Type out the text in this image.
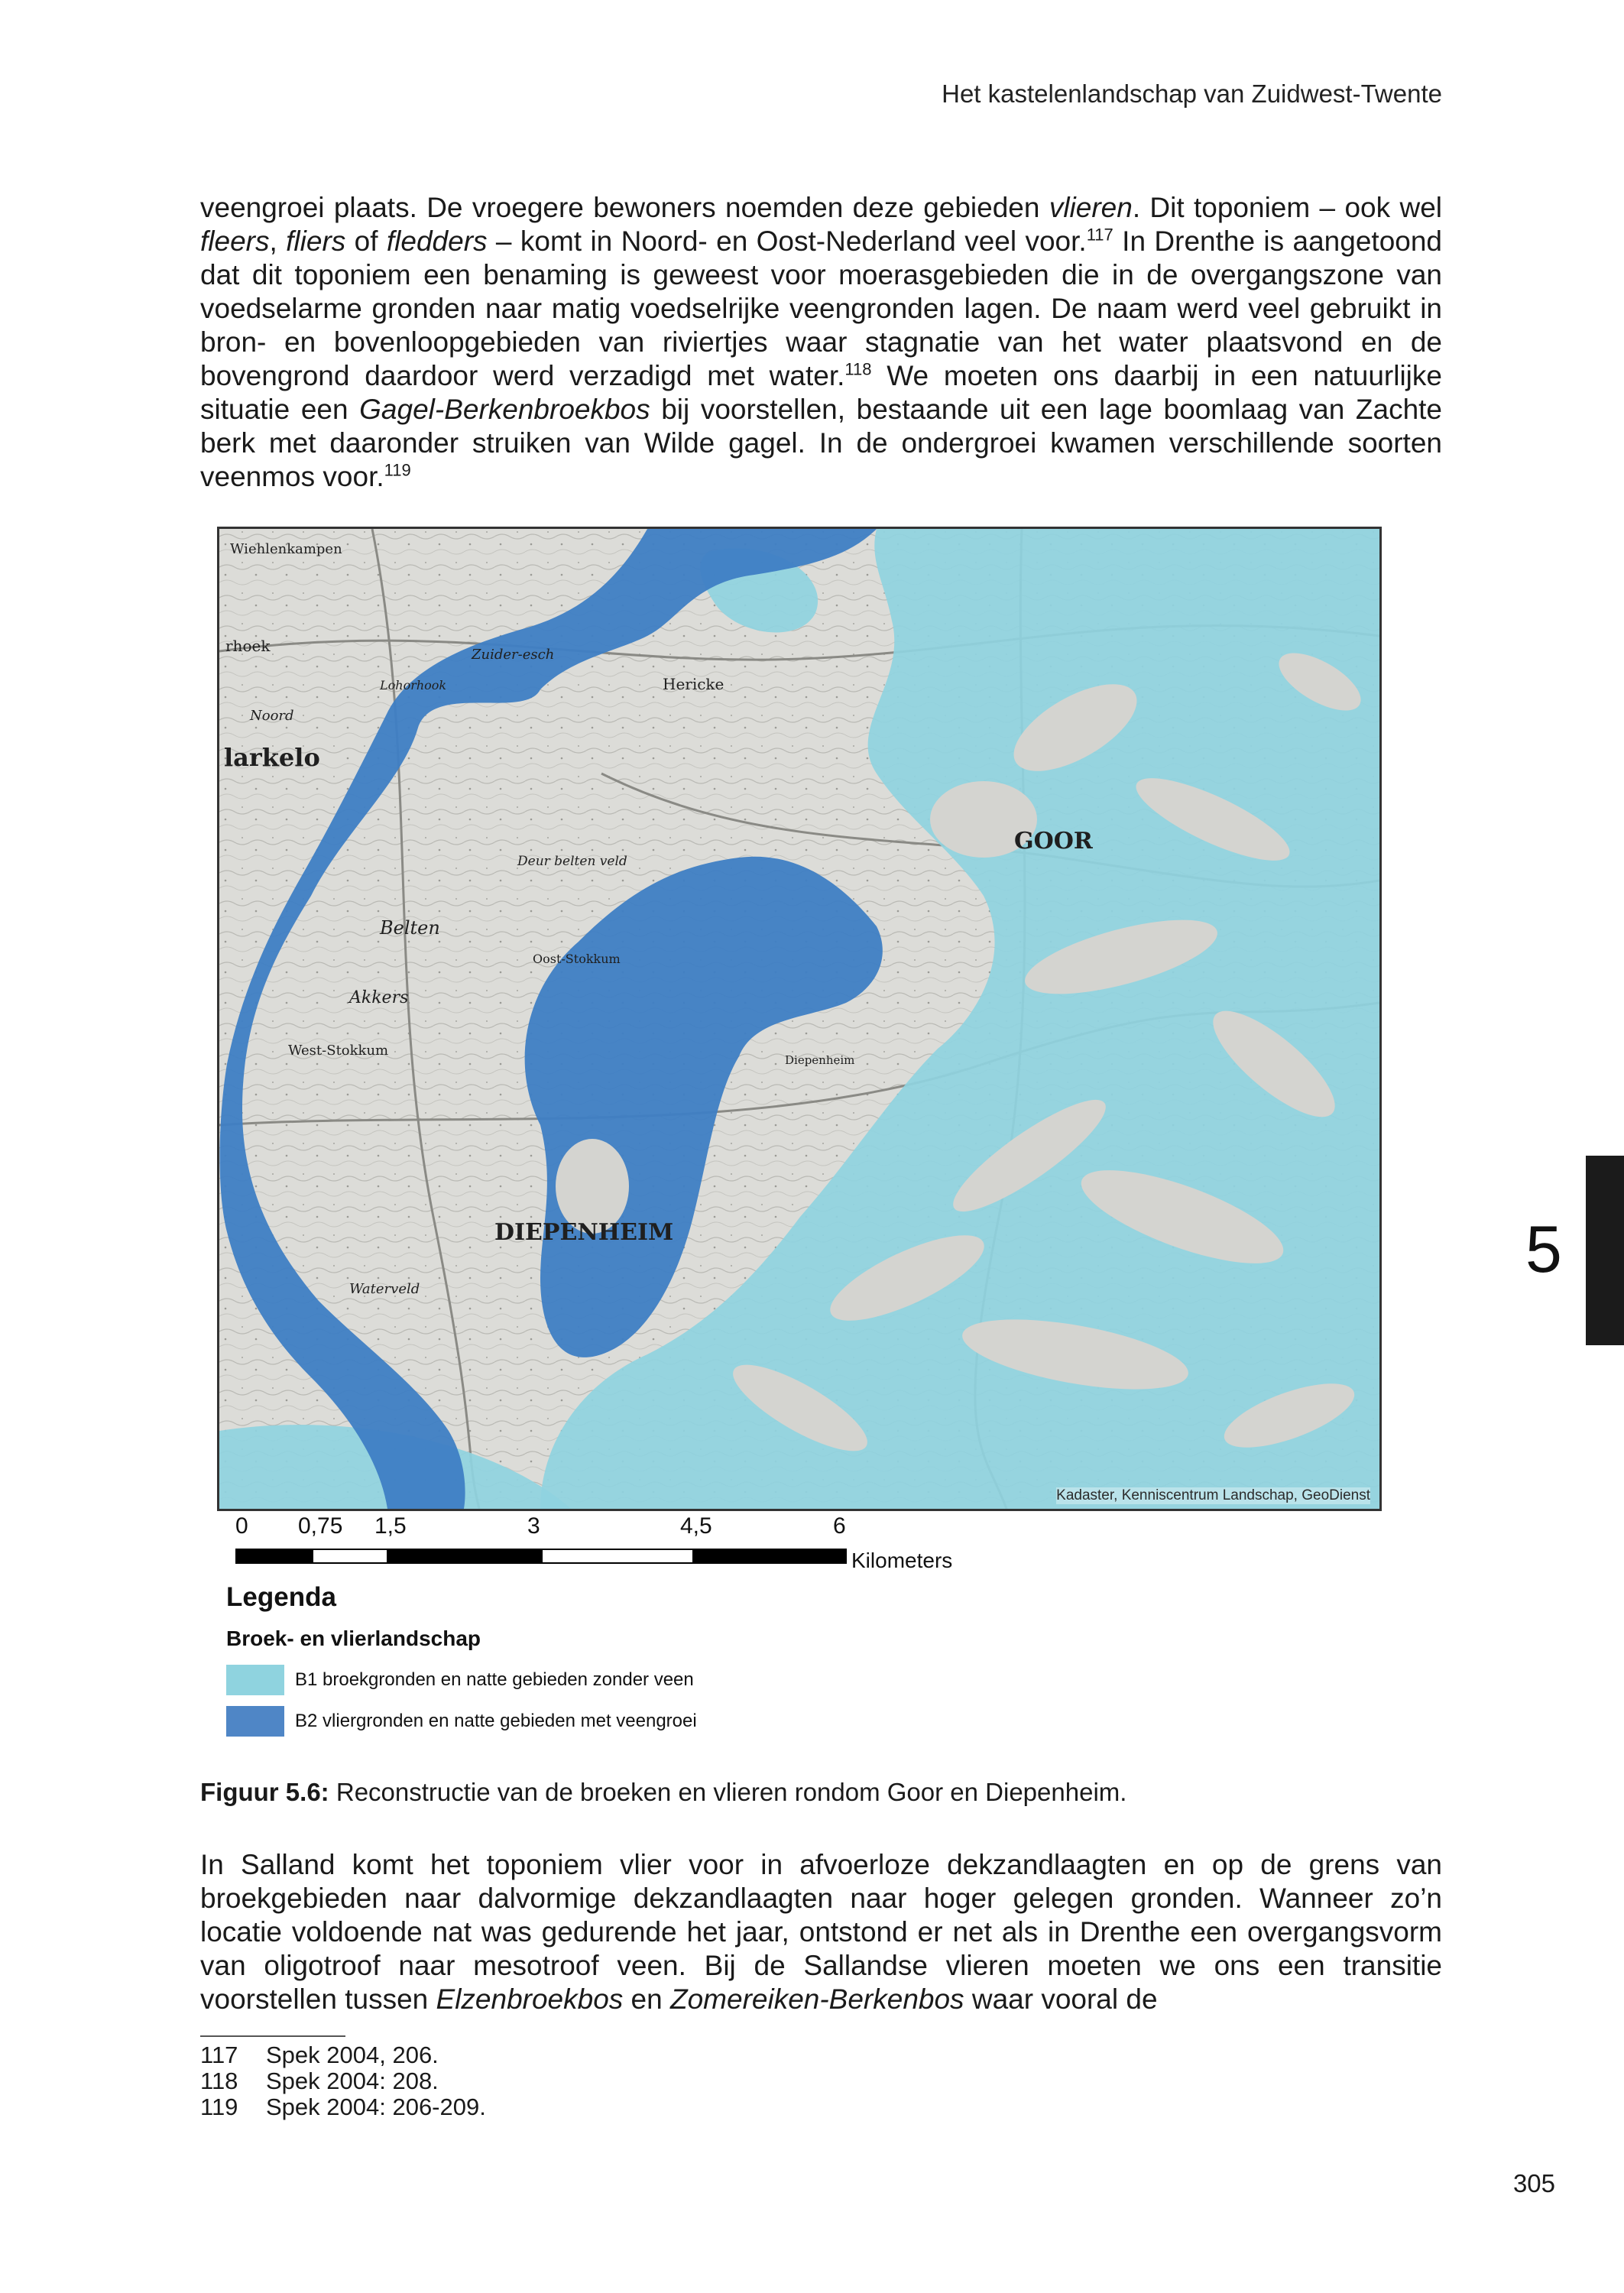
Het kastelenlandschap van Zuidwest-Twente

veengroei plaats. De vroegere bewoners noemden deze gebieden vlieren. Dit toponiem – ook wel fleers, fliers of fledders – komt in Noord- en Oost-Nederland veel voor.$^{117}$ In Drenthe is aangetoond dat dit toponiem een benaming is geweest voor moerasgebieden die in de overgangszone van voedselarme gronden naar matig voedselrijke veengronden lagen. De naam werd veel gebruikt in bron- en bovenloopgebieden van riviertjes waar stagnatie van het water plaatsvond en de bovengrond daardoor werd verzadigd met water.$^{118}$ We moeten ons daarbij in een natuurlijke situatie een Gagel-Berkenbroekbos bij voorstellen, bestaande uit een lage boomlaag van Zachte berk met daaronder struiken van Wilde gagel. In de ondergroei kwamen verschillende soorten veenmos voor.$^{119}$

Wiehlenkampen
rhoek	Zuider-esch
Lohorhook
Noord
larkelo
Hericke
Deur belten veld
Belten
Akkers
Oost-Stokkum
West-Stokkum
GOOR
DIEPENHEIM
Waterveld
Diepenheim
Kadaster, Kenniscentrum Landschap, GeoDienst
0 0,75 1,5	3	4,5	6
Kilometers
Legenda
Broek- en vlierlandschap
B1 broekgronden en natte gebieden zonder veen
B2 vliergronden en natte gebieden met veengroei
Figuur 5.6: Reconstructie van de broeken en vlieren rondom Goor en Diepenheim.

In Salland komt het toponiem vlier voor in afvoerloze dekzandlaagten en op de grens van broekgebieden naar dalvormige dekzandlaagten naar hoger gelegen gronden. Wanneer zo’n locatie voldoende nat was gedurende het jaar, ontstond er net als in Drenthe een overgangsvorm van oligotroof naar mesotroof veen. Bij de Sallandse vlieren moeten we ons een transitie voorstellen tussen Elzenbroekbos en Zomereiken-Berkenbos waar vooral de

117	Spek 2004, 206.
118	Spek 2004: 208.
119	Spek 2004: 206-209.
305
5
